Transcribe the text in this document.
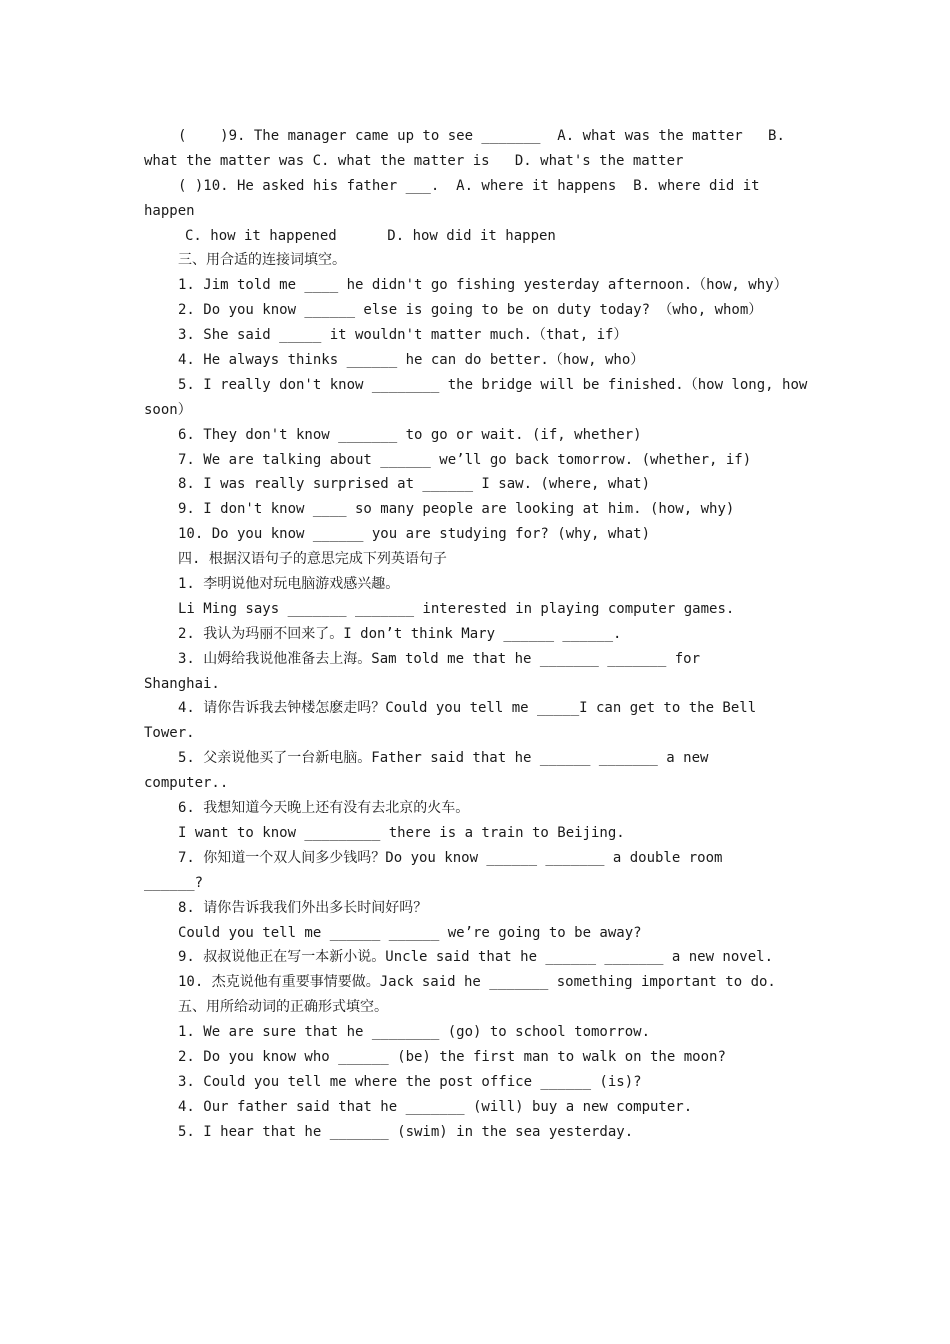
(    )9. The manager came up to see _______  A. what was the matter   B.
what the matter was C. what the matter is   D. what's the matter
( )10. He asked his father ___.  A. where it happens  B. where did it
happen
C. how it happened      D. how did it happen
三、用合适的连接词填空。
1. Jim told me ____ he didn't go fishing yesterday afternoon.（how, why）
2. Do you know ______ else is going to be on duty today? （who, whom）
3. She said _____ it wouldn't matter much.（that, if）
4. He always thinks ______ he can do better.（how, who）
5. I really don't know ________ the bridge will be finished.（how long, how
soon）
6. They don't know _______ to go or wait. (if, whether)
7. We are talking about ______ we’ll go back tomorrow. (whether, if)
8. I was really surprised at ______ I saw. (where, what)
9. I don't know ____ so many people are looking at him. (how, why)
10. Do you know ______ you are studying for? (why, what)
四. 根据汉语句子的意思完成下列英语句子
1. 李明说他对玩电脑游戏感兴趣。
Li Ming says _______ _______ interested in playing computer games.
2. 我认为玛丽不回来了。I don’t think Mary ______ ______.
3. 山姆给我说他准备去上海。Sam told me that he _______ _______ for
Shanghai.
4. 请你告诉我去钟楼怎麽走吗？Could you tell me _____I can get to the Bell
Tower.
5. 父亲说他买了一台新电脑。Father said that he ______ _______ a new
computer..
6. 我想知道今天晚上还有没有去北京的火车。
I want to know _________ there is a train to Beijing.
7. 你知道一个双人间多少钱吗？Do you know ______ _______ a double room
______?
8. 请你告诉我我们外出多长时间好吗？
Could you tell me ______ ______ we’re going to be away?
9. 叔叔说他正在写一本新小说。Uncle said that he ______ _______ a new novel.
10. 杰克说他有重要事情要做。Jack said he _______ something important to do.
五、用所给动词的正确形式填空。
1. We are sure that he ________ (go) to school tomorrow.
2. Do you know who ______ (be) the first man to walk on the moon?
3. Could you tell me where the post office ______ (is)?
4. Our father said that he _______ (will) buy a new computer.
5. I hear that he _______ (swim) in the sea yesterday.
